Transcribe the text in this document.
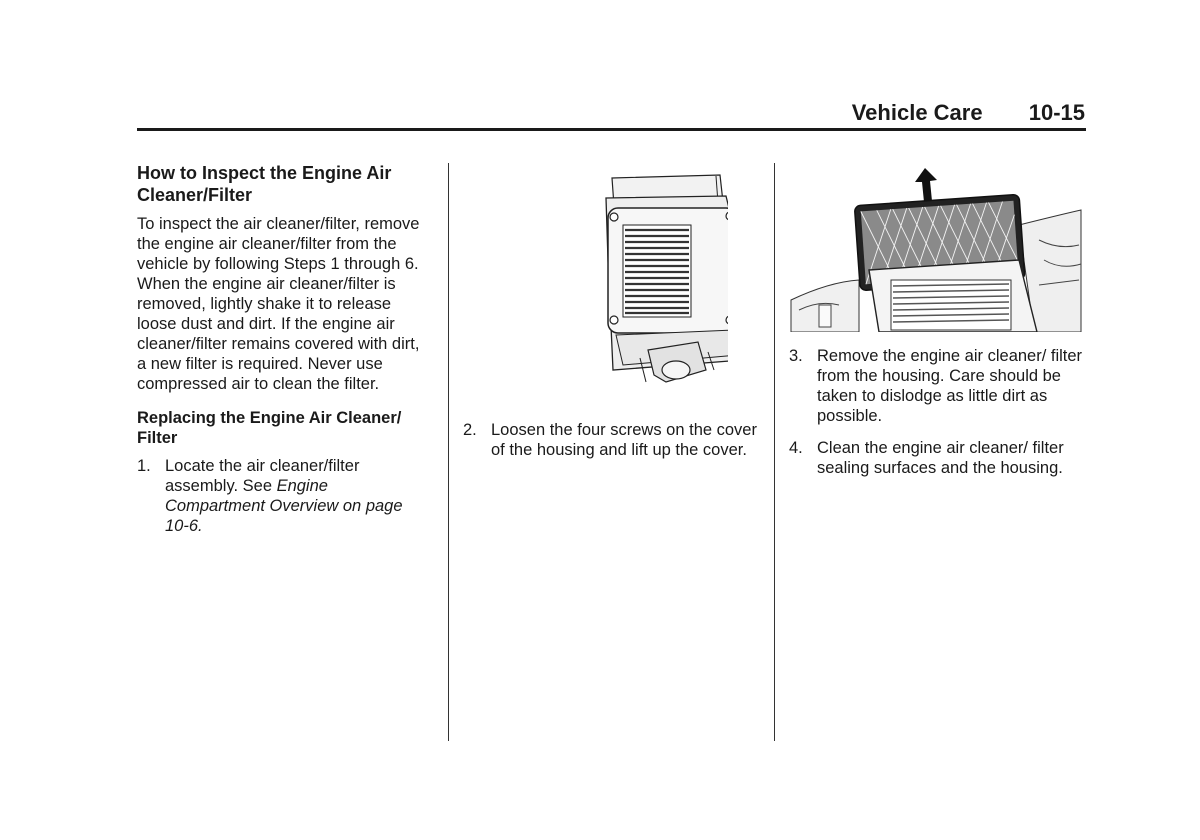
Vehicle Care 10-15
How to Inspect the Engine Air Cleaner/Filter

To inspect the air cleaner/filter, remove the engine air cleaner/filter from the vehicle by following Steps 1 through 6. When the engine air cleaner/filter is removed, lightly shake it to release loose dust and dirt. If the engine air cleaner/filter remains covered with dirt, a new filter is required. Never use compressed air to clean the filter.

Replacing the Engine Air Cleaner/ Filter
1. Locate the air cleaner/filter assembly. See Engine Compartment Overview on page 10-6.
2. Loosen the four screws on the cover of the housing and lift up the cover.
3. Remove the engine air cleaner/ filter from the housing. Care should be taken to dislodge as little dirt as possible.
4. Clean the engine air cleaner/ filter sealing surfaces and the housing.
